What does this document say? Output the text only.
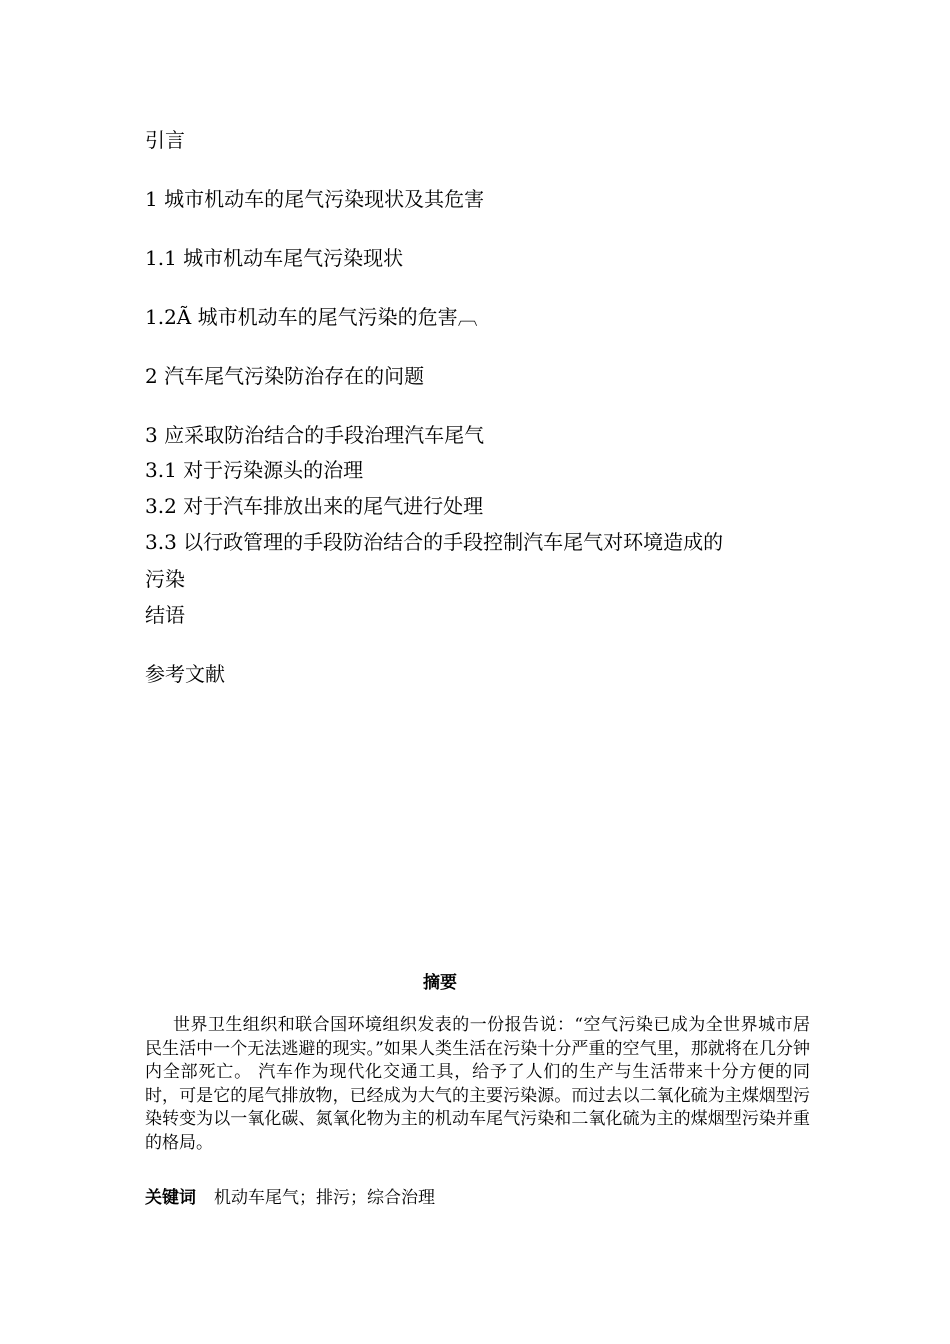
引言
1 城市机动车的尾气污染现状及其危害
1.1 城市机动车尾气污染现状
1.2Ã 城市机动车的尾气污染的危害︹
2 汽车尾气污染防治存在的问题
3 应采取防治结合的手段治理汽车尾气
3.1 对于污染源头的治理
3.2 对于汽车排放出来的尾气进行处理
3.3 以行政管理的手段防治结合的手段控制汽车尾气对环境造成的
污染
结语
参考文献
摘要
世界卫生组织和联合国环境组织发表的一份报告说：“空气污染已成为全世界城市居民生活中一个无法逃避的现实。”如果人类生活在污染十分严重的空气里，那就将在几分钟内全部死亡。 汽车作为现代化交通工具，给予了人们的生产与生活带来十分方便的同时，可是它的尾气排放物，已经成为大气的主要污染源。而过去以二氧化硫为主煤烟型污染转变为以一氧化碳、氮氧化物为主的机动车尾气污染和二氧化硫为主的煤烟型污染并重的格局。
关键词 机动车尾气；排污；综合治理
